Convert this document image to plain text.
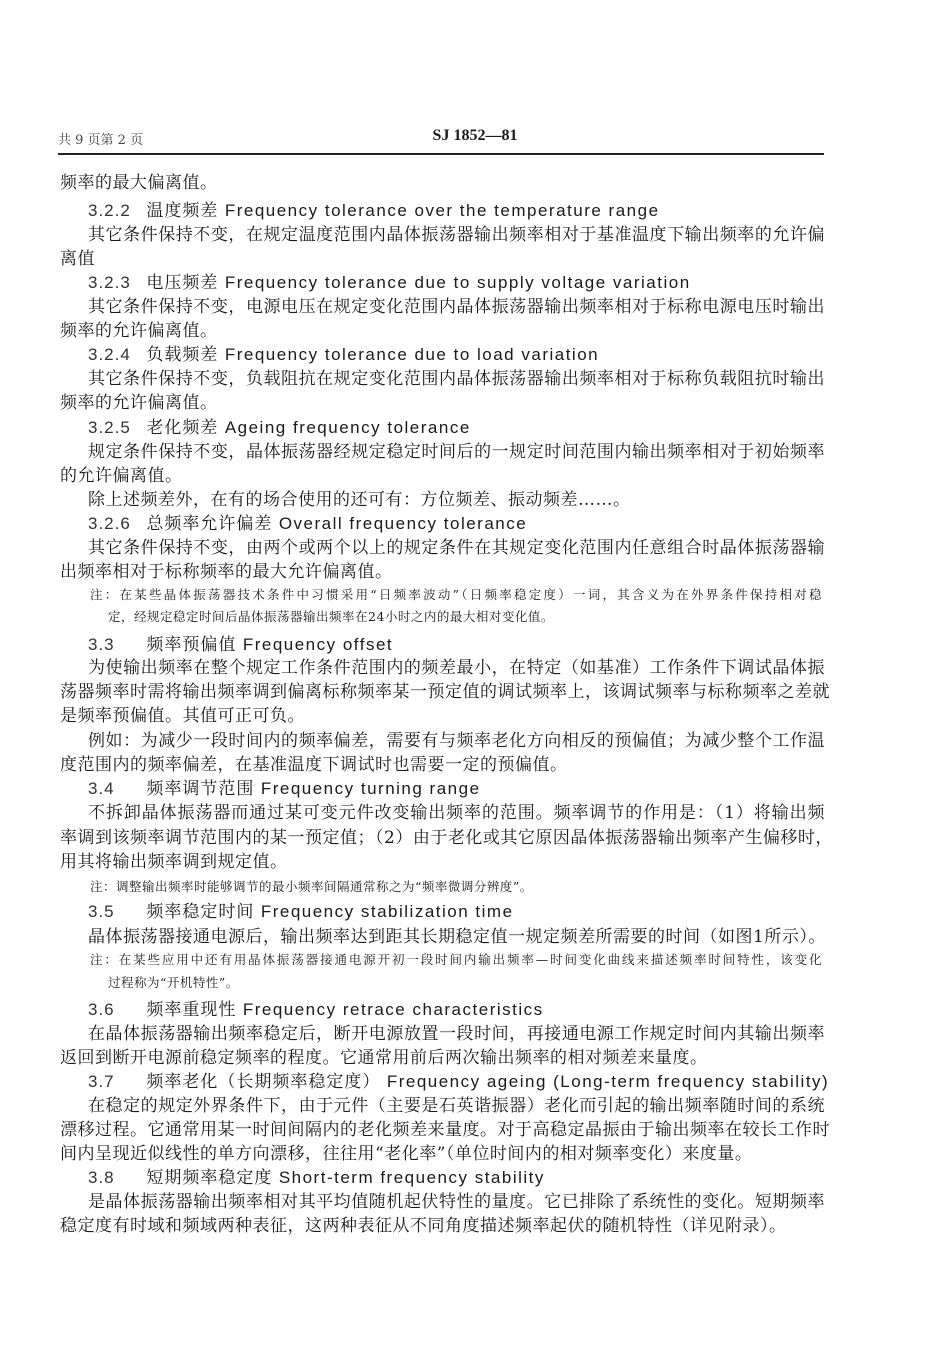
共 9 页第 2 页	SJ 1852—81
频率的最大偏离值。
3.2.2 温度频差 Frequency tolerance over the temperature range
其它条件保持不变，在规定温度范围内晶体振荡器输出频率相对于基准温度下输出频率的允许偏
离值
3.2.3 电压频差 Frequency tolerance due to supply voltage variation
其它条件保持不变，电源电压在规定变化范围内晶体振荡器输出频率相对于标称电源电压时输出
频率的允许偏离值。
3.2.4 负载频差 Frequency tolerance due to load variation
其它条件保持不变，负载阻抗在规定变化范围内晶体振荡器输出频率相对于标称负载阻抗时输出
频率的允许偏离值。
3.2.5 老化频差 Ageing frequency tolerance
规定条件保持不变，晶体振荡器经规定稳定时间后的一规定时间范围内输出频率相对于初始频率
的允许偏离值。
除上述频差外，在有的场合使用的还可有：方位频差、振动频差……。
3.2.6 总频率允许偏差 Overall frequency tolerance
其它条件保持不变，由两个或两个以上的规定条件在其规定变化范围内任意组合时晶体振荡器输
出频率相对于标称频率的最大允许偏离值。
注：在某些晶体振荡器技术条件中习惯采用“日频率波动”（日频率稳定度）一词，其含义为在外界条件保持相对稳
定，经规定稳定时间后晶体振荡器输出频率在24小时之内的最大相对变化值。
3.3 频率预偏值 Frequency offset
为使输出频率在整个规定工作条件范围内的频差最小，在特定（如基准）工作条件下调试晶体振
荡器频率时需将输出频率调到偏离标称频率某一预定值的调试频率上，该调试频率与标称频率之差就
是频率预偏值。其值可正可负。
例如：为减少一段时间内的频率偏差，需要有与频率老化方向相反的预偏值；为减少整个工作温
度范围内的频率偏差，在基准温度下调试时也需要一定的预偏值。
3.4 频率调节范围 Frequency turning range
不拆卸晶体振荡器而通过某可变元件改变输出频率的范围。频率调节的作用是：（1）将输出频
率调到该频率调节范围内的某一预定值；（2）由于老化或其它原因晶体振荡器输出频率产生偏移时，
用其将输出频率调到规定值。
注：调整输出频率时能够调节的最小频率间隔通常称之为“频率微调分辨度”。
3.5 频率稳定时间 Frequency stabilization time
晶体振荡器接通电源后，输出频率达到距其长期稳定值一规定频差所需要的时间（如图1所示）。
注：在某些应用中还有用晶体振荡器接通电源开初一段时间内输出频率—时间变化曲线来描述频率时间特性，该变化
过程称为“开机特性”。
3.6 频率重现性 Frequency retrace characteristics
在晶体振荡器输出频率稳定后，断开电源放置一段时间，再接通电源工作规定时间内其输出频率
返回到断开电源前稳定频率的程度。它通常用前后两次输出频率的相对频差来量度。
3.7 频率老化（长期频率稳定度） Frequency ageing (Long-term frequency stability)
在稳定的规定外界条件下，由于元件（主要是石英谐振器）老化而引起的输出频率随时间的系统
漂移过程。它通常用某一时间间隔内的老化频差来量度。对于高稳定晶振由于输出频率在较长工作时
间内呈现近似线性的单方向漂移，往往用“老化率”（单位时间内的相对频率变化）来度量。
3.8 短期频率稳定度 Short-term frequency stability
是晶体振荡器输出频率相对其平均值随机起伏特性的量度。它已排除了系统性的变化。短期频率
稳定度有时域和频域两种表征，这两种表征从不同角度描述频率起伏的随机特性（详见附录）。
